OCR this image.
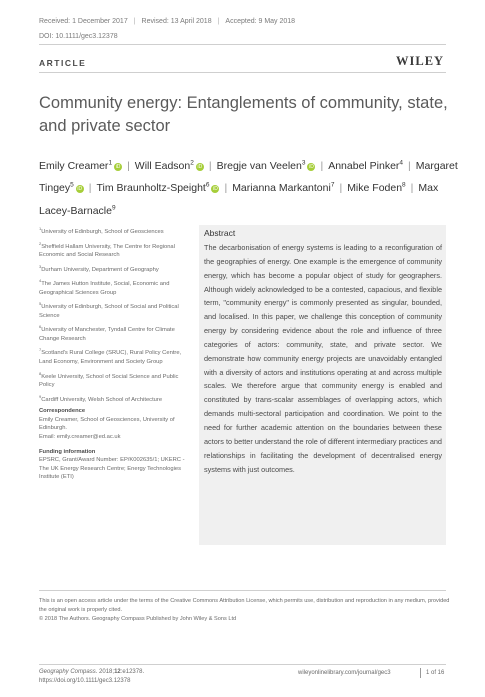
Received: 1 December 2017 | Revised: 13 April 2018 | Accepted: 9 May 2018
DOI: 10.1111/gec3.12378
ARTICLE	WILEY
Community energy: Entanglements of community, state, and private sector
Emily Creamer$^1$iD | Will Eadson$^2$iD | Bregje van Veelen$^3$iD | Annabel Pinker$^4$ | Margaret Tingey$^5$iD | Tim Braunholtz-Speight$^6$iD | Marianna Markantoni$^7$ | Mike Foden$^8$ | Max Lacey-Barnacle$^9$

$^1$University of Edinburgh, School of Geosciences

$^2$Sheffield Hallam University, The Centre for Regional Economic and Social Research

$^3$Durham University, Department of Geography

$^4$The James Hutton Institute, Social, Economic and Geographical Sciences Group

$^5$University of Edinburgh, School of Social and Political Science

$^6$University of Manchester, Tyndall Centre for Climate Change Research

$^7$Scotland's Rural College (SRUC), Rural Policy Centre, Land Economy, Environment and Society Group

$^8$Keele University, School of Social Science and Public Policy

$^9$Cardiff University, Welsh School of Architecture

Correspondence

Emily Creamer, School of Geosciences, University of Edinburgh.

Email: emily.creamer@ed.ac.uk

Funding information

EPSRC, Grant/Award Number: EP/K002635/1; UKERC - The UK Energy Research Centre; Energy Technologies Institute (ETI)

Abstract
The decarbonisation of energy systems is leading to a reconfiguration of the geographies of energy. One example is the emergence of community energy, which has become a popular object of study for geographers. Although widely acknowledged to be a contested, capacious, and flexible term, "community energy" is commonly presented as singular, bounded, and localised. In this paper, we challenge this conception of community energy by considering evidence about the role and influence of three categories of actors: community, state, and private sector. We demonstrate how community energy projects are unavoidably entangled with a diversity of actors and institutions operating at and across multiple scales. We therefore argue that community energy is enabled and constituted by trans-scalar assemblages of overlapping actors, which demands multi-sectoral participation and coordination. We point to the need for further academic attention on the boundaries between these actors to better understand the role of different intermediary practices and relationships in facilitating the development of decentralised energy systems with just outcomes.
This is an open access article under the terms of the Creative Commons Attribution License, which permits use, distribution and reproduction in any medium, provided the original work is properly cited.
© 2018 The Authors. Geography Compass Published by John Wiley & Sons Ltd
Geography Compass. 2018;12:e12378.
https://doi.org/10.1111/gec3.12378
wileyonlinelibrary.com/journal/gec3	1 of 16
